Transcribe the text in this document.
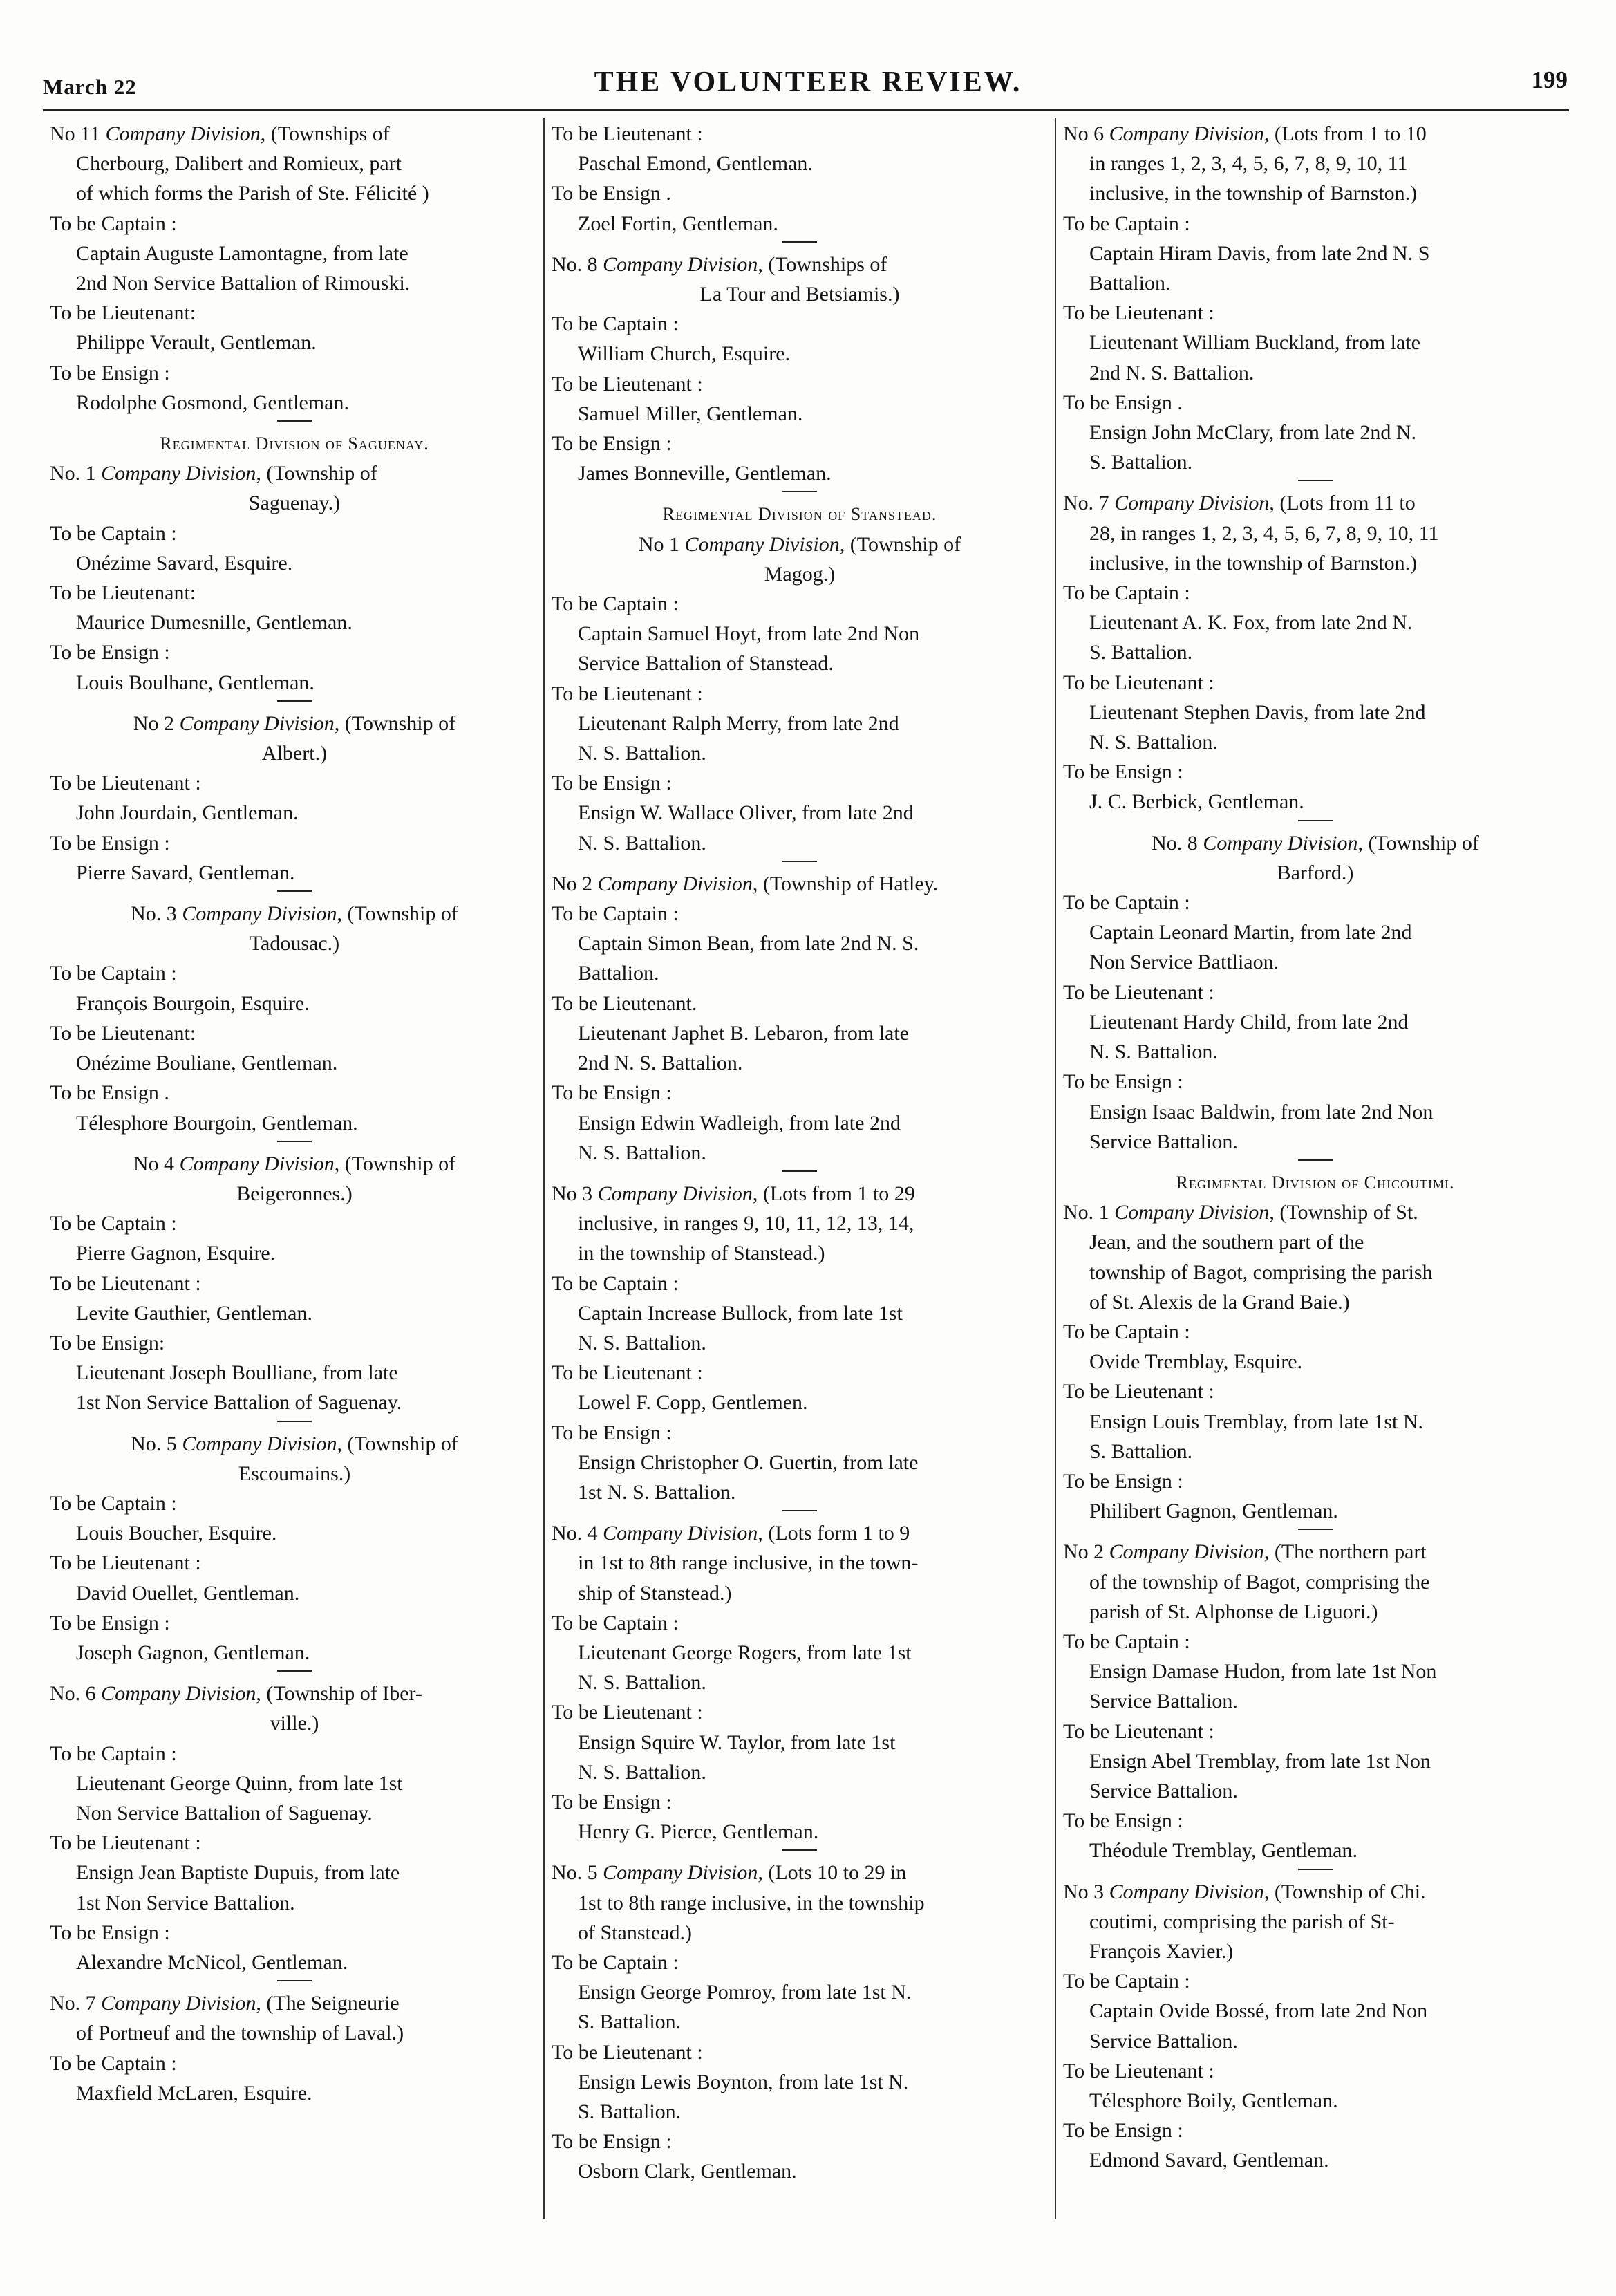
March 22	THE VOLUNTEER REVIEW.	199
No 11 Company Division, (Townships of
Cherbourg, Dalibert and Romieux, part
of which forms the Parish of Ste. Félicité )
To be Captain :
Captain Auguste Lamontagne, from late
2nd Non Service Battalion of Rimouski.
To be Lieutenant:
Philippe Verault, Gentleman.
To be Ensign :
Rodolphe Gosmond, Gentleman.
Regimental Division of Saguenay.
No. 1 Company Division, (Township of
Saguenay.)
To be Captain :
Onézime Savard, Esquire.
To be Lieutenant:
Maurice Dumesnille, Gentleman.
To be Ensign :
Louis Boulhane, Gentleman.
No 2 Company Division, (Township of
Albert.)
To be Lieutenant :
John Jourdain, Gentleman.
To be Ensign :
Pierre Savard, Gentleman.
No. 3 Company Division, (Township of
Tadousac.)
To be Captain :
François Bourgoin, Esquire.
To be Lieutenant:
Onézime Bouliane, Gentleman.
To be Ensign .
Télesphore Bourgoin, Gentleman.
No 4 Company Division, (Township of
Beigeronnes.)
To be Captain :
Pierre Gagnon, Esquire.
To be Lieutenant :
Levite Gauthier, Gentleman.
To be Ensign:
Lieutenant Joseph Boulliane, from late
1st Non Service Battalion of Saguenay.
No. 5 Company Division, (Township of
Escoumains.)
To be Captain :
Louis Boucher, Esquire.
To be Lieutenant :
David Ouellet, Gentleman.
To be Ensign :
Joseph Gagnon, Gentleman.
No. 6 Company Division, (Township of Iber-
ville.)
To be Captain :
Lieutenant George Quinn, from late 1st
Non Service Battalion of Saguenay.
To be Lieutenant :
Ensign Jean Baptiste Dupuis, from late
1st Non Service Battalion.
To be Ensign :
Alexandre McNicol, Gentleman.
No. 7 Company Division, (The Seigneurie
of Portneuf and the township of Laval.)
To be Captain :
Maxfield McLaren, Esquire.
To be Lieutenant :
Paschal Emond, Gentleman.
To be Ensign .
Zoel Fortin, Gentleman.
No. 8 Company Division, (Townships of
La Tour and Betsiamis.)
To be Captain :
William Church, Esquire.
To be Lieutenant :
Samuel Miller, Gentleman.
To be Ensign :
James Bonneville, Gentleman.
Regimental Division of Stanstead.
No 1 Company Division, (Township of
Magog.)
To be Captain :
Captain Samuel Hoyt, from late 2nd Non
Service Battalion of Stanstead.
To be Lieutenant :
Lieutenant Ralph Merry, from late 2nd
N. S. Battalion.
To be Ensign :
Ensign W. Wallace Oliver, from late 2nd
N. S. Battalion.
No 2 Company Division, (Township of Hatley.
To be Captain :
Captain Simon Bean, from late 2nd N. S.
Battalion.
To be Lieutenant.
Lieutenant Japhet B. Lebaron, from late
2nd N. S. Battalion.
To be Ensign :
Ensign Edwin Wadleigh, from late 2nd
N. S. Battalion.
No 3 Company Division, (Lots from 1 to 29
inclusive, in ranges 9, 10, 11, 12, 13, 14,
in the township of Stanstead.)
To be Captain :
Captain Increase Bullock, from late 1st
N. S. Battalion.
To be Lieutenant :
Lowel F. Copp, Gentlemen.
To be Ensign :
Ensign Christopher O. Guertin, from late
1st N. S. Battalion.
No. 4 Company Division, (Lots form 1 to 9
in 1st to 8th range inclusive, in the town-
ship of Stanstead.)
To be Captain :
Lieutenant George Rogers, from late 1st
N. S. Battalion.
To be Lieutenant :
Ensign Squire W. Taylor, from late 1st
N. S. Battalion.
To be Ensign :
Henry G. Pierce, Gentleman.
No. 5 Company Division, (Lots 10 to 29 in
1st to 8th range inclusive, in the township
of Stanstead.)
To be Captain :
Ensign George Pomroy, from late 1st N.
S. Battalion.
To be Lieutenant :
Ensign Lewis Boynton, from late 1st N.
S. Battalion.
To be Ensign :
Osborn Clark, Gentleman.
No 6 Company Division, (Lots from 1 to 10
in ranges 1, 2, 3, 4, 5, 6, 7, 8, 9, 10, 11
inclusive, in the township of Barnston.)
To be Captain :
Captain Hiram Davis, from late 2nd N. S
Battalion.
To be Lieutenant :
Lieutenant William Buckland, from late
2nd N. S. Battalion.
To be Ensign .
Ensign John McClary, from late 2nd N.
S. Battalion.
No. 7 Company Division, (Lots from 11 to
28, in ranges 1, 2, 3, 4, 5, 6, 7, 8, 9, 10, 11
inclusive, in the township of Barnston.)
To be Captain :
Lieutenant A. K. Fox, from late 2nd N.
S. Battalion.
To be Lieutenant :
Lieutenant Stephen Davis, from late 2nd
N. S. Battalion.
To be Ensign :
J. C. Berbick, Gentleman.
No. 8 Company Division, (Township of
Barford.)
To be Captain :
Captain Leonard Martin, from late 2nd
Non Service Battliaon.
To be Lieutenant :
Lieutenant Hardy Child, from late 2nd
N. S. Battalion.
To be Ensign :
Ensign Isaac Baldwin, from late 2nd Non
Service Battalion.
Regimental Division of Chicoutimi.
No. 1 Company Division, (Township of St.
Jean, and the southern part of the
township of Bagot, comprising the parish
of St. Alexis de la Grand Baie.)
To be Captain :
Ovide Tremblay, Esquire.
To be Lieutenant :
Ensign Louis Tremblay, from late 1st N.
S. Battalion.
To be Ensign :
Philibert Gagnon, Gentleman.
No 2 Company Division, (The northern part
of the township of Bagot, comprising the
parish of St. Alphonse de Liguori.)
To be Captain :
Ensign Damase Hudon, from late 1st Non
Service Battalion.
To be Lieutenant :
Ensign Abel Tremblay, from late 1st Non
Service Battalion.
To be Ensign :
Théodule Tremblay, Gentleman.
No 3 Company Division, (Township of Chi.
coutimi, comprising the parish of St-
François Xavier.)
To be Captain :
Captain Ovide Bossé, from late 2nd Non
Service Battalion.
To be Lieutenant :
Télesphore Boily, Gentleman.
To be Ensign :
Edmond Savard, Gentleman.
